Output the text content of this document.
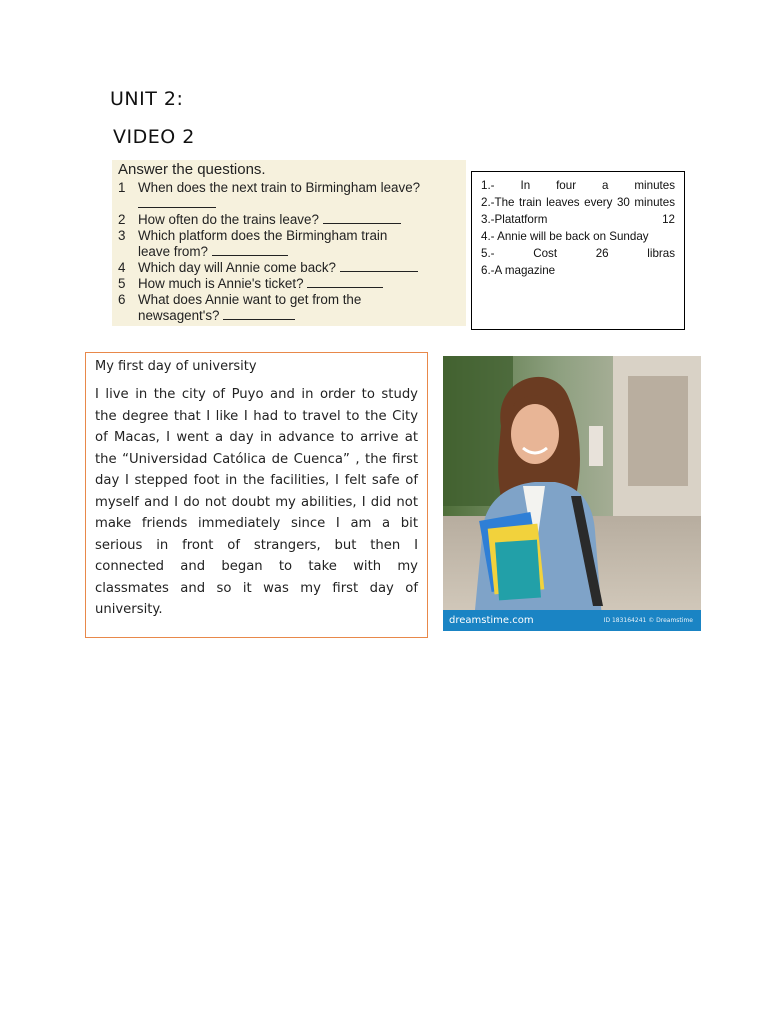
UNIT 2:
VIDEO 2
Answer the questions.
1 When does the next train to Birmingham leave?

2 How often do the trains leave?
3 Which platform does the Birmingham train
leave from?
4 Which day will Annie come back?
5 How much is Annie's ticket?
6 What does Annie want to get from the
newsagent's?
1.- In four a minutes
2.-The train leaves every 30 minutes
3.-Platatform 12
4.- Annie will be back on Sunday
5.- Cost 26 libras
6.-A magazine

My first day of university

I live in the city of Puyo and in order to study the degree that I like I had to travel to the City of Macas, I went a day in advance to arrive at the “Universidad Católica de Cuenca” , the first day I stepped foot in the facilities, I felt safe of myself and I do not doubt my abilities, I did not make friends immediately since I am a bit serious in front of strangers, but then I connected and began to take with my classmates and so it was my first day of university.

dreamstime.com	ID 183164241 © Dreamstime
